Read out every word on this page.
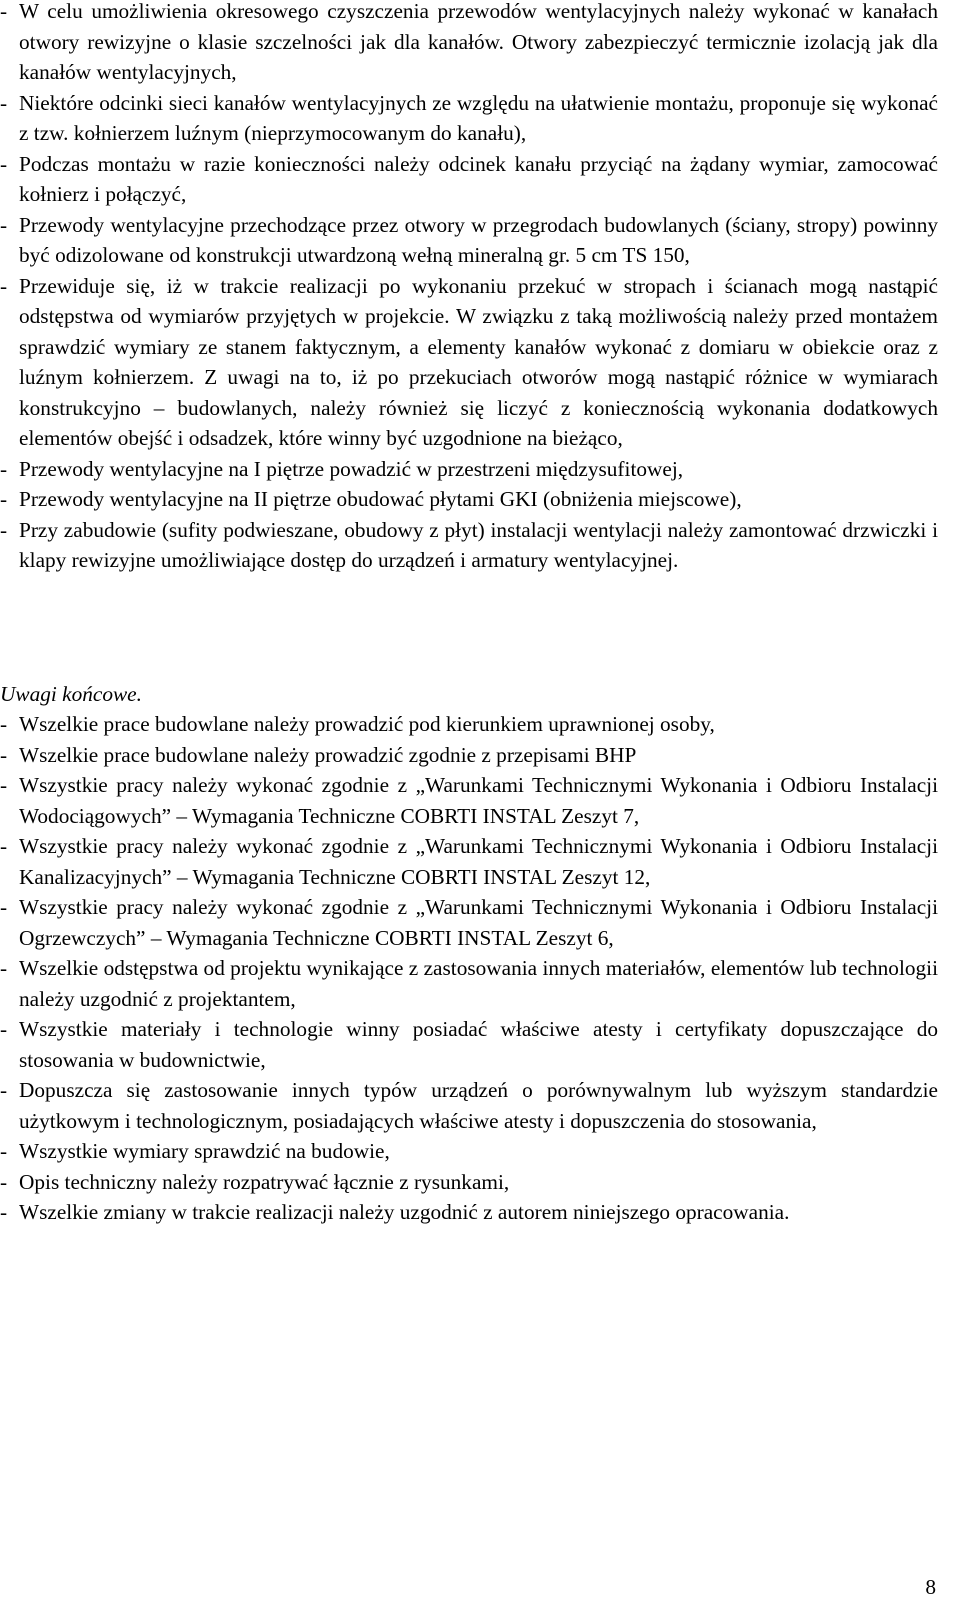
- W celu umożliwienia okresowego czyszczenia przewodów wentylacyjnych należy wykonać w kanałach otwory rewizyjne o klasie szczelności jak dla kanałów. Otwory zabezpieczyć termicznie izolacją jak dla kanałów wentylacyjnych,

- Niektóre odcinki sieci kanałów wentylacyjnych ze względu na ułatwienie montażu, proponuje się wykonać z tzw. kołnierzem luźnym (nieprzymocowanym do kanału),

- Podczas montażu w razie konieczności należy odcinek kanału przyciąć na żądany wymiar, zamocować kołnierz i połączyć,

- Przewody wentylacyjne przechodzące przez otwory w przegrodach budowlanych (ściany, stropy) powinny być odizolowane od konstrukcji utwardzoną wełną mineralną gr. 5 cm TS 150,

- Przewiduje się, iż w trakcie realizacji po wykonaniu przekuć w stropach i ścianach mogą nastąpić odstępstwa od wymiarów przyjętych w projekcie. W związku z taką możliwością należy przed montażem sprawdzić wymiary ze stanem faktycznym, a elementy kanałów wykonać z domiaru w obiekcie oraz z luźnym kołnierzem. Z uwagi na to, iż po przekuciach otworów mogą nastąpić różnice w wymiarach konstrukcyjno – budowlanych, należy również się liczyć z koniecznością wykonania dodatkowych elementów obejść i odsadzek, które winny być uzgodnione na bieżąco,

- Przewody wentylacyjne na I piętrze powadzić w przestrzeni międzysufitowej,

- Przewody wentylacyjne na II piętrze obudować płytami GKI (obniżenia miejscowe),

- Przy zabudowie (sufity podwieszane, obudowy z płyt) instalacji wentylacji należy zamontować drzwiczki i klapy rewizyjne umożliwiające dostęp do urządzeń i armatury wentylacyjnej.

Uwagi końcowe.

- Wszelkie prace budowlane należy prowadzić pod kierunkiem uprawnionej osoby,

- Wszelkie prace budowlane należy prowadzić zgodnie z przepisami BHP

- Wszystkie pracy należy wykonać zgodnie z „Warunkami Technicznymi Wykonania i Odbioru Instalacji Wodociągowych” – Wymagania Techniczne COBRTI INSTAL Zeszyt 7,

- Wszystkie pracy należy wykonać zgodnie z „Warunkami Technicznymi Wykonania i Odbioru Instalacji Kanalizacyjnych” – Wymagania Techniczne COBRTI INSTAL Zeszyt 12,

- Wszystkie pracy należy wykonać zgodnie z „Warunkami Technicznymi Wykonania i Odbioru Instalacji Ogrzewczych” – Wymagania Techniczne COBRTI INSTAL Zeszyt 6,

- Wszelkie odstępstwa od projektu wynikające z zastosowania innych materiałów, elementów lub technologii należy uzgodnić z projektantem,

- Wszystkie materiały i technologie winny posiadać właściwe atesty i certyfikaty dopuszczające do stosowania w budownictwie,

- Dopuszcza się zastosowanie innych typów urządzeń o porównywalnym lub wyższym standardzie użytkowym i technologicznym, posiadających właściwe atesty i dopuszczenia do stosowania,

- Wszystkie wymiary sprawdzić na budowie,

- Opis techniczny należy rozpatrywać łącznie z rysunkami,

- Wszelkie zmiany w trakcie realizacji należy uzgodnić z autorem niniejszego opracowania.

8
